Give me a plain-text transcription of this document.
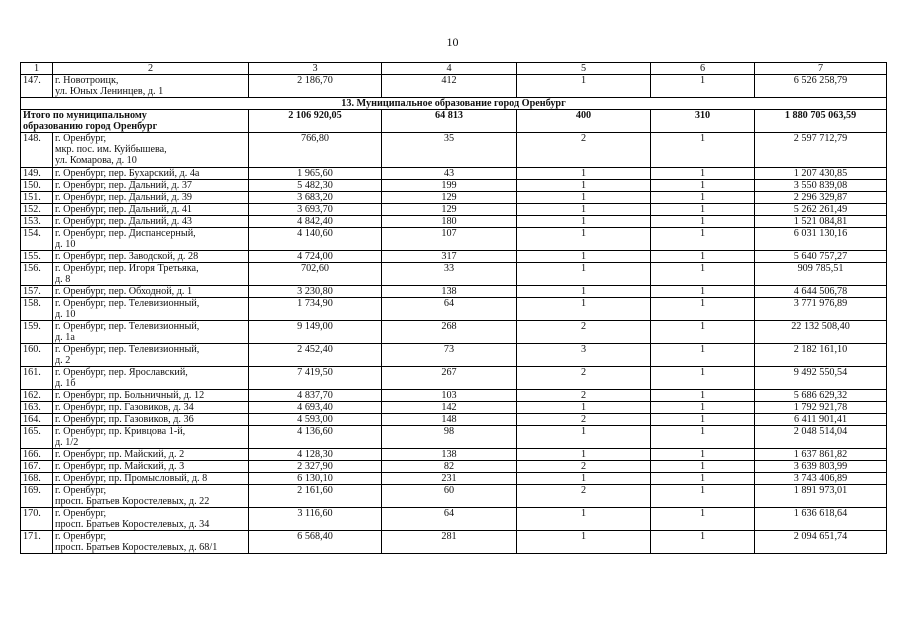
10
1	2	3	4	5	6	7
147.	г. Новотроицк,
ул. Юных Ленинцев, д. 1	2 186,70	412	1	1	6 526 258,79
13. Муниципальное образование город Оренбург						

Итого по муниципальному
образованию город Оренбург		2 106 920,05	64 813	400	310	1 880 705 063,59
148.	г. Оренбург,
мкр. пос. им. Куйбышева,
ул. Комарова, д. 10	766,80	35	2	1	2 597 712,79
149.	г. Оренбург, пер. Бухарский, д. 4а	1 965,60	43	1	1	1 207 430,85
150.	г. Оренбург, пер. Дальний, д. 37	5 482,30	199	1	1	3 550 839,08
151.	г. Оренбург, пер. Дальний, д. 39	3 683,20	129	1	1	2 296 329,87
152.	г. Оренбург, пер. Дальний, д. 41	3 693,70	129	1	1	5 262 261,49
153.	г. Оренбург, пер. Дальний, д. 43	4 842,40	180	1	1	1 521 084,81
154.	г. Оренбург, пер. Диспансерный,
д. 10	4 140,60	107	1	1	6 031 130,16
155.	г. Оренбург, пер. Заводской, д. 28	4 724,00	317	1	1	5 640 757,27
156.	г. Оренбург, пер. Игоря Третьяка,
д. 8	702,60	33	1	1	909 785,51
157.	г. Оренбург, пер. Обходной, д. 1	3 230,80	138	1	1	4 644 506,78
158.	г. Оренбург, пер. Телевизионный,
д. 10	1 734,90	64	1	1	3 771 976,89
159.	г. Оренбург, пер. Телевизионный,
д. 1а	9 149,00	268	2	1	22 132 508,40
160.	г. Оренбург, пер. Телевизионный,
д. 2	2 452,40	73	3	1	2 182 161,10
161.	г. Оренбург, пер. Ярославский,
д. 1б	7 419,50	267	2	1	9 492 550,54
162.	г. Оренбург, пр. Больничный, д. 12	4 837,70	103	2	1	5 686 629,32
163.	г. Оренбург, пр. Газовиков, д. 34	4 693,40	142	1	1	1 792 921,78
164.	г. Оренбург, пр. Газовиков, д. 36	4 593,00	148	2	1	6 411 901,41
165.	г. Оренбург, пр. Кривцова 1-й,
д. 1/2	4 136,60	98	1	1	2 048 514,04
166.	г. Оренбург, пр. Майский, д. 2	4 128,30	138	1	1	1 637 861,82
167.	г. Оренбург, пр. Майский, д. 3	2 327,90	82	2	1	3 639 803,99
168.	г. Оренбург, пр. Промысловый, д. 8	6 130,10	231	1	1	3 743 406,89
169.	г. Оренбург,
просп. Братьев Коростелевых, д. 22	2 161,60	60	2	1	1 891 973,01
170.	г. Оренбург,
просп. Братьев Коростелевых, д. 34	3 116,60	64	1	1	1 636 618,64
171.	г. Оренбург,
просп. Братьев Коростелевых, д. 68/1	6 568,40	281	1	1	2 094 651,74
